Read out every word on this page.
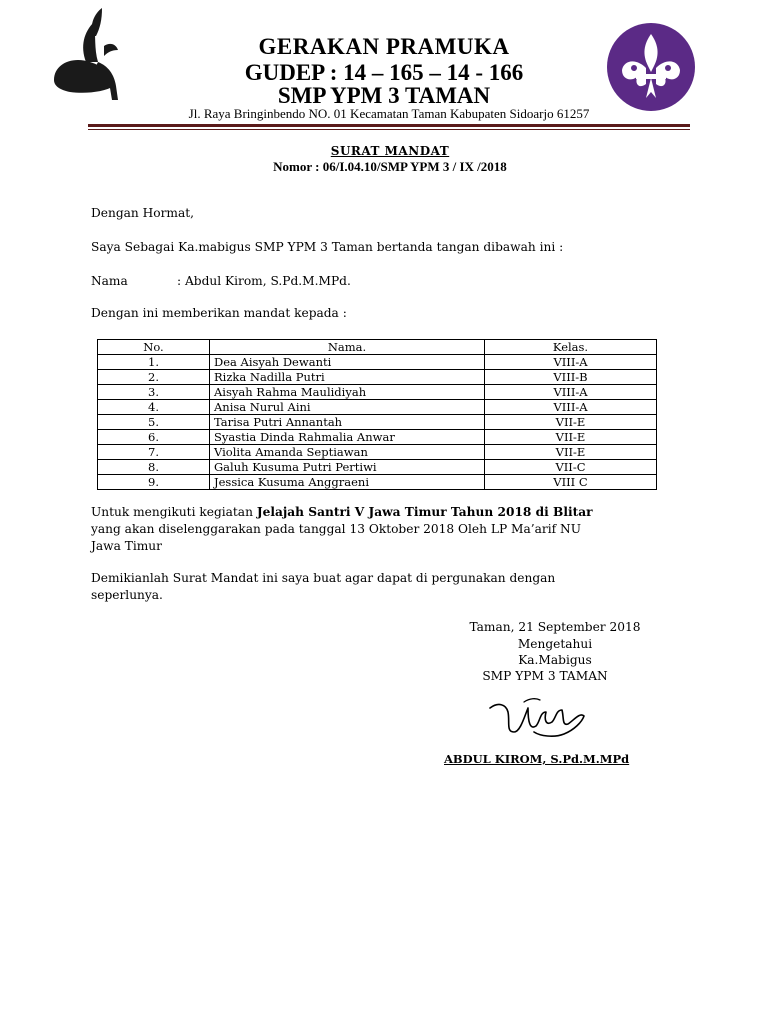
GERAKAN PRAMUKA
GUDEP : 14 – 165 – 14 - 166
SMP YPM 3 TAMAN
Jl. Raya Bringinbendo NO. 01 Kecamatan Taman Kabupaten Sidoarjo 61257
SURAT MANDAT
Nomor : 06/I.04.10/SMP YPM 3 / IX /2018
Dengan Hormat,
Saya Sebagai Ka.mabigus SMP YPM 3 Taman bertanda tangan dibawah ini :
Nama	: Abdul Kirom, S.Pd.M.MPd.
Dengan ini memberikan mandat kepada :
No.	Nama.	Kelas.
1.	Dea Aisyah Dewanti	VIII-A
2.	Rizka Nadilla Putri	VIII-B
3.	Aisyah Rahma Maulidiyah	VIII-A
4.	Anisa Nurul Aini	VIII-A
5.	Tarisa Putri Annantah	VII-E
6.	Syastia Dinda Rahmalia Anwar	VII-E
7.	Violita Amanda Septiawan	VII-E
8.	Galuh Kusuma Putri Pertiwi	VII-C
9.	Jessica Kusuma Anggraeni	VIII C
Untuk mengikuti kegiatan Jelajah Santri V Jawa Timur Tahun 2018 di Blitar
yang akan diselenggarakan pada tanggal 13 Oktober 2018 Oleh LP Ma’arif NU
Jawa Timur
Demikianlah Surat Mandat ini saya buat agar dapat di pergunakan dengan
seperlunya.
Taman, 21 September 2018
Mengetahui
Ka.Mabigus
SMP YPM 3 TAMAN
ABDUL KIROM, S.Pd.M.MPd
